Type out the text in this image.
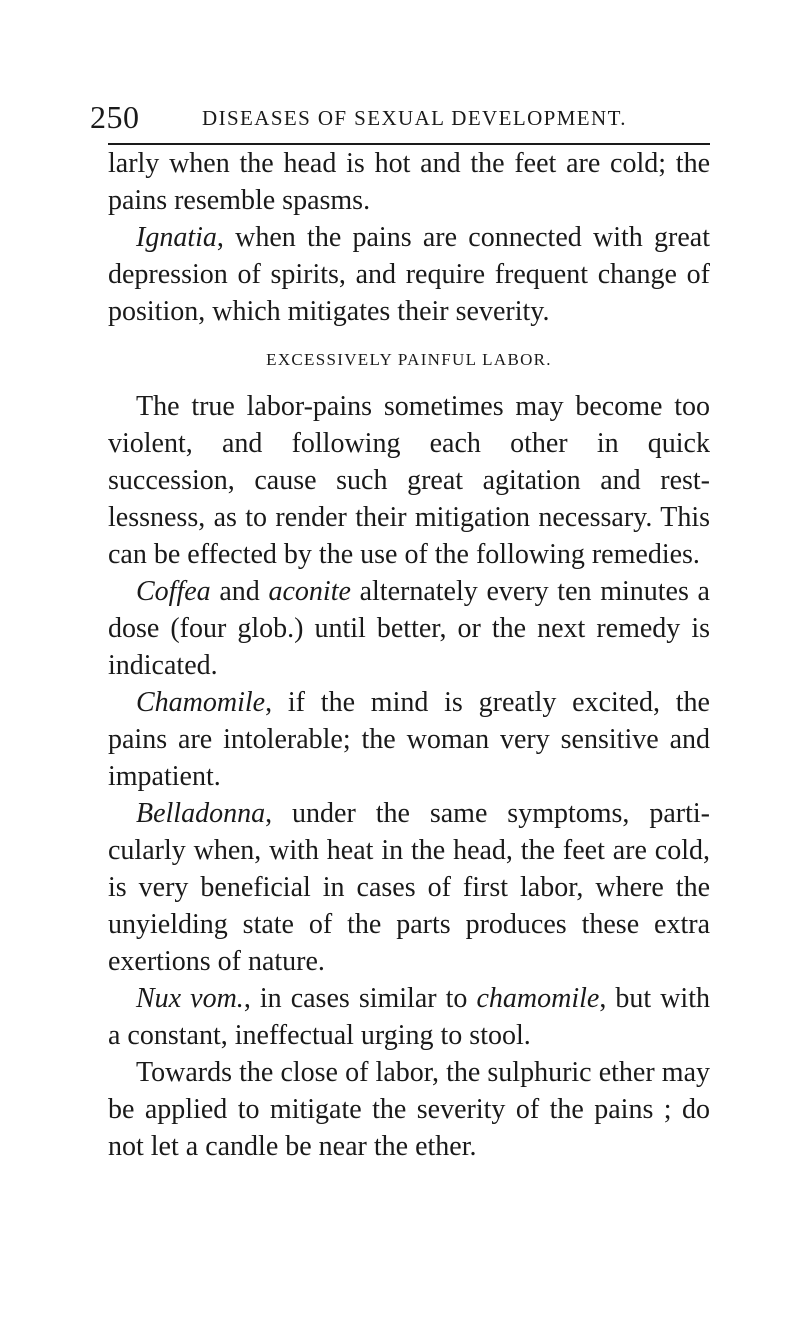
250	DISEASES OF SEXUAL DEVELOPMENT.

larly when the head is hot and the feet are cold; the pains resemble spasms.

Ignatia, when the pains are connected with great depression of spirits, and require frequent change of position, which mitigates their severity.

EXCESSIVELY PAINFUL LABOR.

The true labor-pains sometimes may become too violent, and following each other in quick succession, cause such great agitation and restlessness, as to render their mitigation necessary. This can be effected by the use of the following remedies.

Coffea and aconite alternately every ten minutes a dose (four glob.) until better, or the next remedy is indicated.

Chamomile, if the mind is greatly excited, the pains are intolerable; the woman very sensitive and impatient.

Belladonna, under the same symptoms, particularly when, with heat in the head, the feet are cold, is very beneficial in cases of first labor, where the unyielding state of the parts produces these extra exertions of nature.

Nux vom., in cases similar to chamomile, but with a constant, ineffectual urging to stool.

Towards the close of labor, the sulphuric ether may be applied to mitigate the severity of the pains ; do not let a candle be near the ether.
